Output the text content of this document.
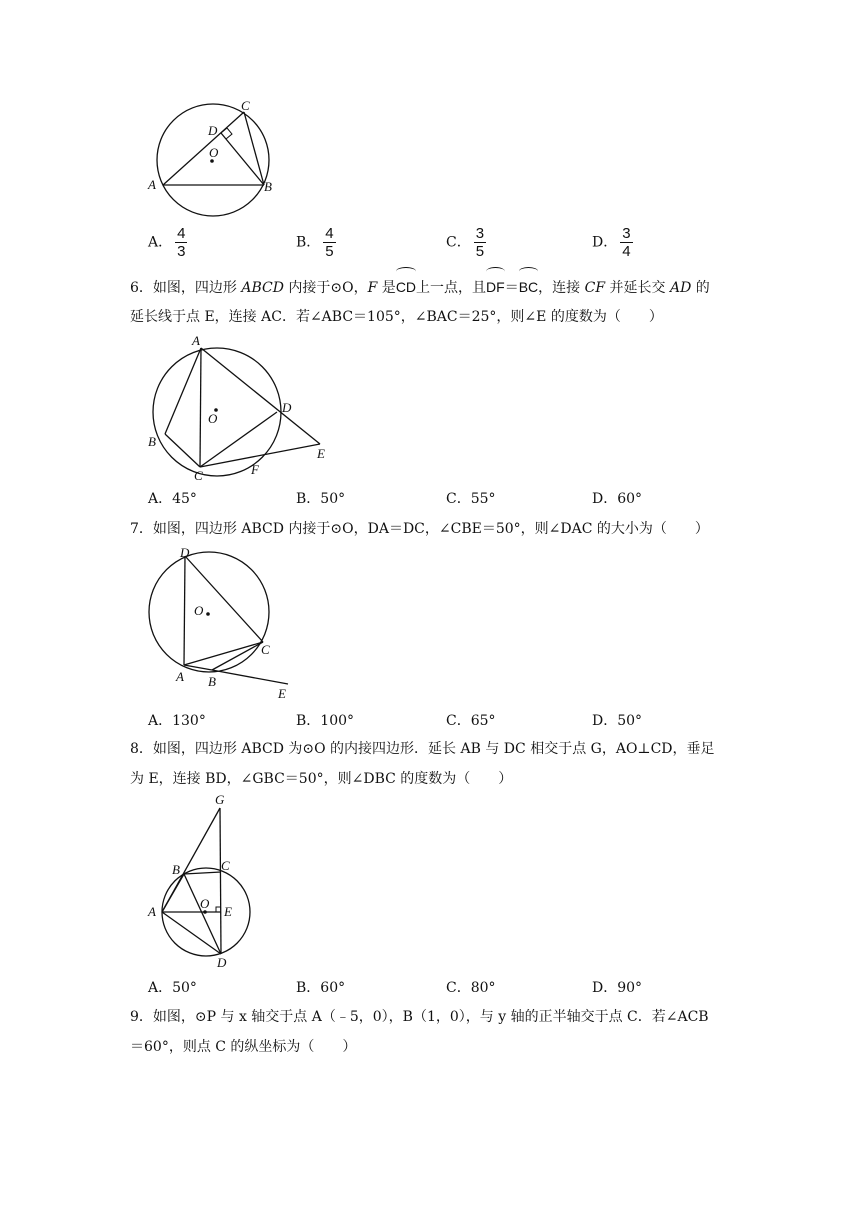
C
D
O
A	B
A． $\frac{4}{3}$	B． $\frac{4}{5}$	C． $\frac{3}{5}$	D． $\frac{3}{4}$
6．如图，四边形 ABCD 内接于⊙O，F 是CD上一点，且DF＝BC，连接 CF 并延长交 AD 的
延长线于点 E，连接 AC．若∠ABC＝105°，∠BAC＝25°，则∠E 的度数为（　　）
A
O
D
B
E
C	F
A．45°	B．50°	C．55°	D．60°
7．如图，四边形 ABCD 内接于⊙O，DA＝DC，∠CBE＝50°，则∠DAC 的大小为（　　）
D
O
C
A B
E
A．130°	B．100°	C．65°	D．50°
8．如图，四边形 ABCD 为⊙O 的内接四边形．延长 AB 与 DC 相交于点 G，AO⊥CD，垂足
为 E，连接 BD，∠GBC＝50°，则∠DBC 的度数为（　　）
G
B	C
O
A	E
D
A．50°	B．60°	C．80°	D．90°
9．如图，⊙P 与 x 轴交于点 A（﹣5，0），B（1，0），与 y 轴的正半轴交于点 C．若∠ACB
＝60°，则点 C 的纵坐标为（　　）
